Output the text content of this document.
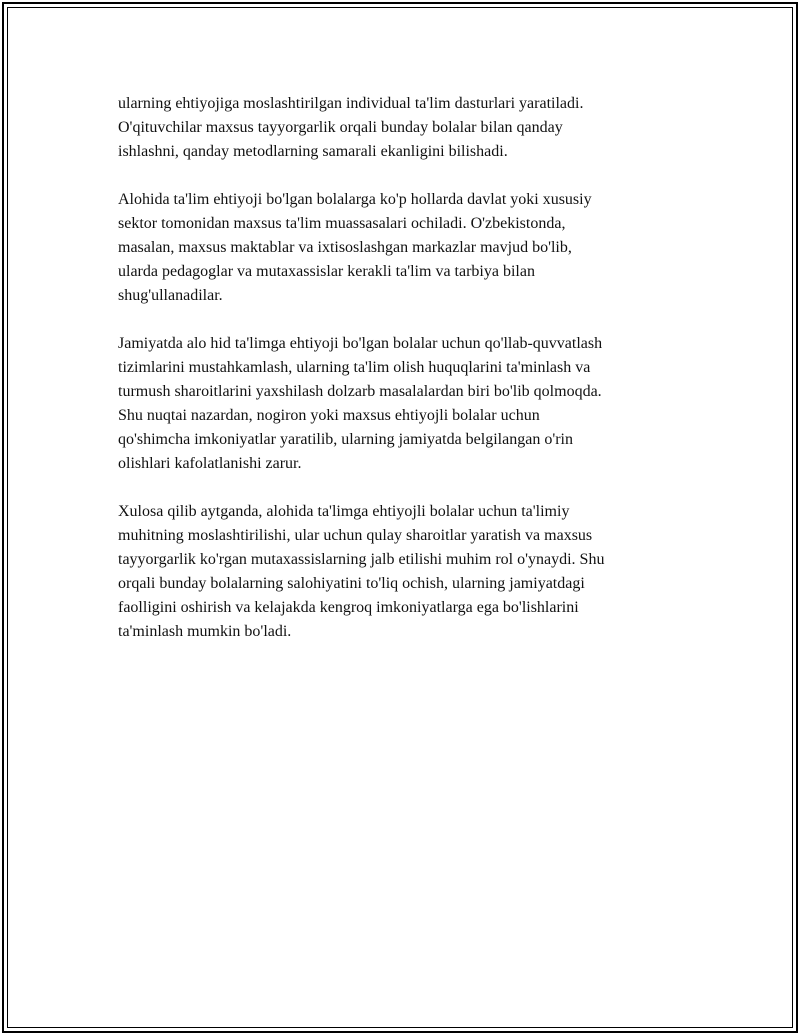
ularning ehtiyojiga moslashtirilgan individual ta'lim dasturlari yaratiladi.
O'qituvchilar maxsus tayyorgarlik orqali bunday bolalar bilan qanday
ishlashni, qanday metodlarning samarali ekanligini bilishadi.

Alohida ta'lim ehtiyoji bo'lgan bolalarga ko'p hollarda davlat yoki xususiy
sektor tomonidan maxsus ta'lim muassasalari ochiladi. O'zbekistonda,
masalan, maxsus maktablar va ixtisoslashgan markazlar mavjud bo'lib,
ularda pedagoglar va mutaxassislar kerakli ta'lim va tarbiya bilan
shug'ullanadilar.

Jamiyatda alo hid ta'limga ehtiyoji bo'lgan bolalar uchun qo'llab-quvvatlash
tizimlarini mustahkamlash, ularning ta'lim olish huquqlarini ta'minlash va
turmush sharoitlarini yaxshilash dolzarb masalalardan biri bo'lib qolmoqda.
Shu nuqtai nazardan, nogiron yoki maxsus ehtiyojli bolalar uchun
qo'shimcha imkoniyatlar yaratilib, ularning jamiyatda belgilangan o'rin
olishlari kafolatlanishi zarur.

Xulosa qilib aytganda, alohida ta'limga ehtiyojli bolalar uchun ta'limiy
muhitning moslashtirilishi, ular uchun qulay sharoitlar yaratish va maxsus
tayyorgarlik ko'rgan mutaxassislarning jalb etilishi muhim rol o'ynaydi. Shu
orqali bunday bolalarning salohiyatini to'liq ochish, ularning jamiyatdagi
faolligini oshirish va kelajakda kengroq imkoniyatlarga ega bo'lishlarini
ta'minlash mumkin bo'ladi.
